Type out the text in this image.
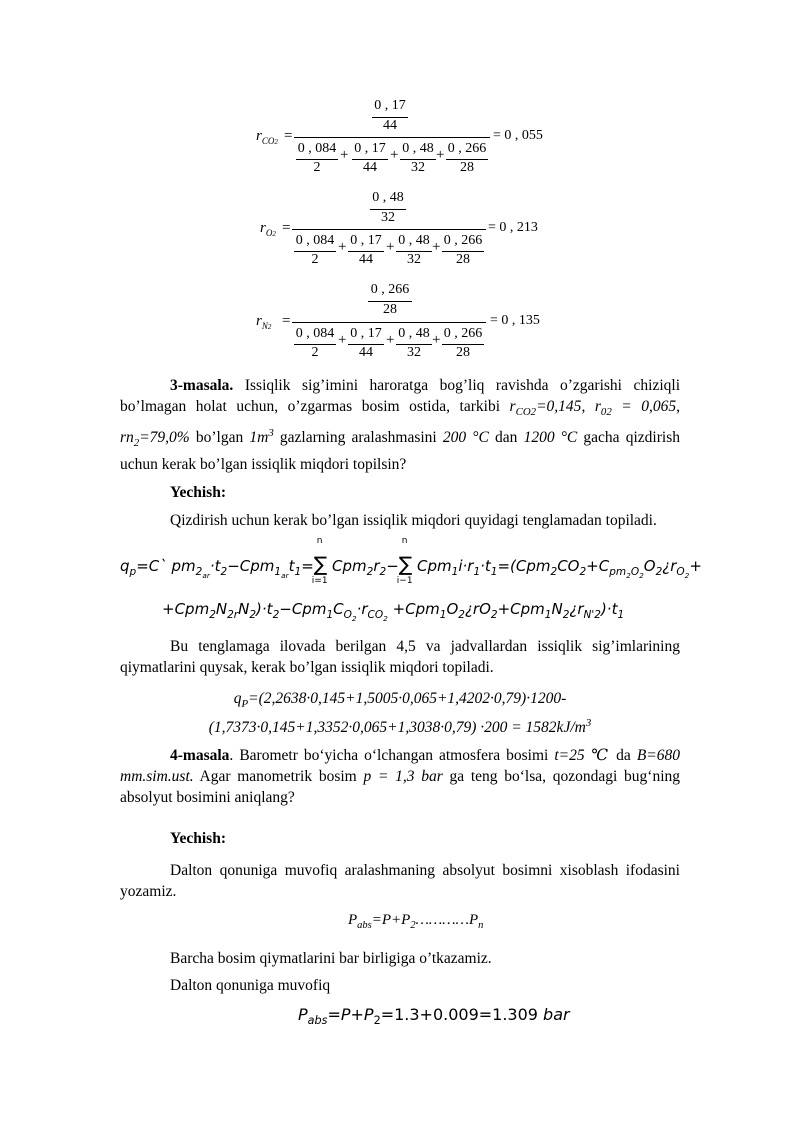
$r_{CO2}$ =
0 , 17
44
0 , 084
2
+ 0 , 17
44
+ 0 , 48
32
+ 0 , 266
28
= 0 , 055
$r_{O2}$ =
0 , 48
32
0 , 084
2
+ 0 , 17
44
+ 0 , 48
32
+ 0 , 266
28
= 0 , 213
$r_{N2}$ =
0 , 266
28
0 , 084
2
+ 0 , 17
44
+ 0 , 48
32
+ 0 , 266
28
= 0 , 135
3-masala. Issiqlik sig’imini haroratga bog’liq ravishda o’zgarishi chiziqli bo’lmagan holat uchun, o’zgarmas bosim ostida, tarkibi $r_{CO2}=0,145$, $r_{02} = 0,065$, $rn_2=79,0\%$ bo’lgan $1m^3$ gazlarning aralashmasini 200 °C dan 1200 °C gacha qizdirish uchun kerak bo’lgan issiqlik miqdori topilsin?
Yechish:
Qizdirish uchun kerak bo’lgan issiqlik miqdori quyidagi tenglamadan topiladi.
$q_p=C`$ $pm_{2_{ar}}\cdot t_2-Cpm_{1_{ar}}t_1=\sum$
n
i=1
$Cpm_2r_2-\sum$
n
i−1
$Cpm_1i\cdot r_1\cdot t_1=(Cpm_2CO_2+C_{pm_2O_2}O_2¿r_{O_2}+$
$+Cpm_2N_{2r}N_2)\cdot t_2-Cpm_1C_{O_2}\cdot r_{CO_2}$ $+Cpm_1O_2¿rO_2+Cpm_1N_2¿r_{N'2})\cdot t_1$
Bu tenglamaga ilovada berilgan 4,5 va jadvallardan issiqlik sig’imlarining qiymatlarini quysak, kerak bo’lgan issiqlik miqdori topiladi.
$q_P=(2,2638\cdot 0,145+1,5005\cdot 0,065+1,4202\cdot 0,79)\cdot 1200-$
$(1,7373\cdot 0,145+1,3352\cdot 0,065+1,3038\cdot 0,79) \cdot 200 = 1582kJ/m^3$
4-masala. Barometr bo‘yicha o‘lchangan atmosfera bosimi t=25 ℃ da B=680 mm.sim.ust. Agar manometrik bosim p = 1,3 bar ga teng bo‘lsa, qozondagi bug‘ning absolyut bosimini aniqlang?
Yechish:
Dalton qonuniga muvofiq aralashmaning absolyut bosimni xisoblash ifodasini yozamiz.
$P_{abs}=P+P_2\dots\dots\dots\dots P_n$
Barcha bosim qiymatlarini bar birligiga o’tkazamiz.
Dalton qonuniga muvofiq
$P_{abs}=P+P_2=1.3+0.009=1.309$ bar
